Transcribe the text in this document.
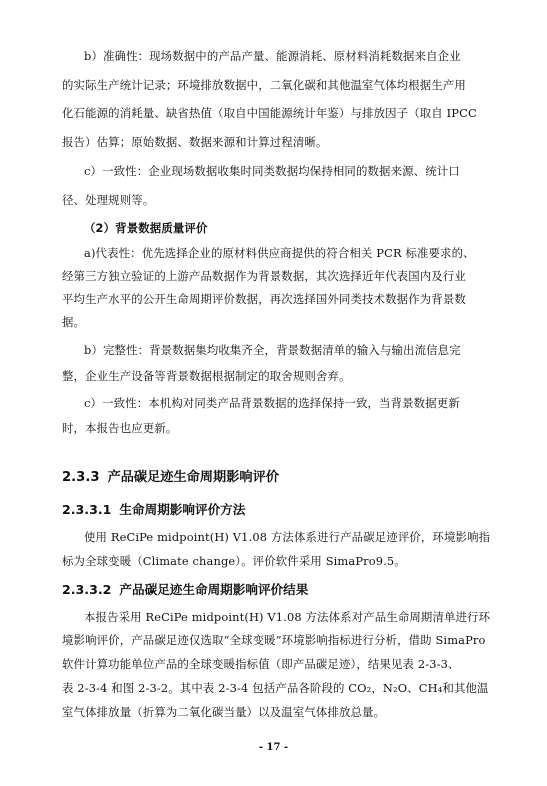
b）准确性：现场数据中的产品产量、能源消耗、原材料消耗数据来自企业
的实际生产统计记录；环境排放数据中，二氧化碳和其他温室气体均根据生产用
化石能源的消耗量、缺省热值（取自中国能源统计年鉴）与排放因子（取自 IPCC
报告）估算；原始数据、数据来源和计算过程清晰。
c）一致性：企业现场数据收集时同类数据均保持相同的数据来源、统计口
径、处理规则等。
（2）背景数据质量评价
a)代表性：优先选择企业的原材料供应商提供的符合相关 PCR 标准要求的、
经第三方独立验证的上游产品数据作为背景数据，其次选择近年代表国内及行业
平均生产水平的公开生命周期评价数据，再次选择国外同类技术数据作为背景数
据。
b）完整性：背景数据集均收集齐全，背景数据清单的输入与输出流信息完
整，企业生产设备等背景数据根据制定的取舍规则舍弃。
c）一致性：本机构对同类产品背景数据的选择保持一致，当背景数据更新
时，本报告也应更新。
2.3.3 产品碳足迹生命周期影响评价
2.3.3.1 生命周期影响评价方法
使用 ReCiPe midpoint(H) V1.08 方法体系进行产品碳足迹评价，环境影响指
标为全球变暖（Climate change）。评价软件采用 SimaPro9.5。
2.3.3.2 产品碳足迹生命周期影响评价结果
本报告采用 ReCiPe midpoint(H) V1.08 方法体系对产品生命周期清单进行环
境影响评价，产品碳足迹仅选取“全球变暖”环境影响指标进行分析，借助 SimaPro
软件计算功能单位产品的全球变暖指标值（即产品碳足迹），结果见表 2-3-3、
表 2-3-4 和图 2-3-2。其中表 2-3-4 包括产品各阶段的 CO₂，N₂O、CH₄和其他温
室气体排放量（折算为二氧化碳当量）以及温室气体排放总量。
- 17 -
